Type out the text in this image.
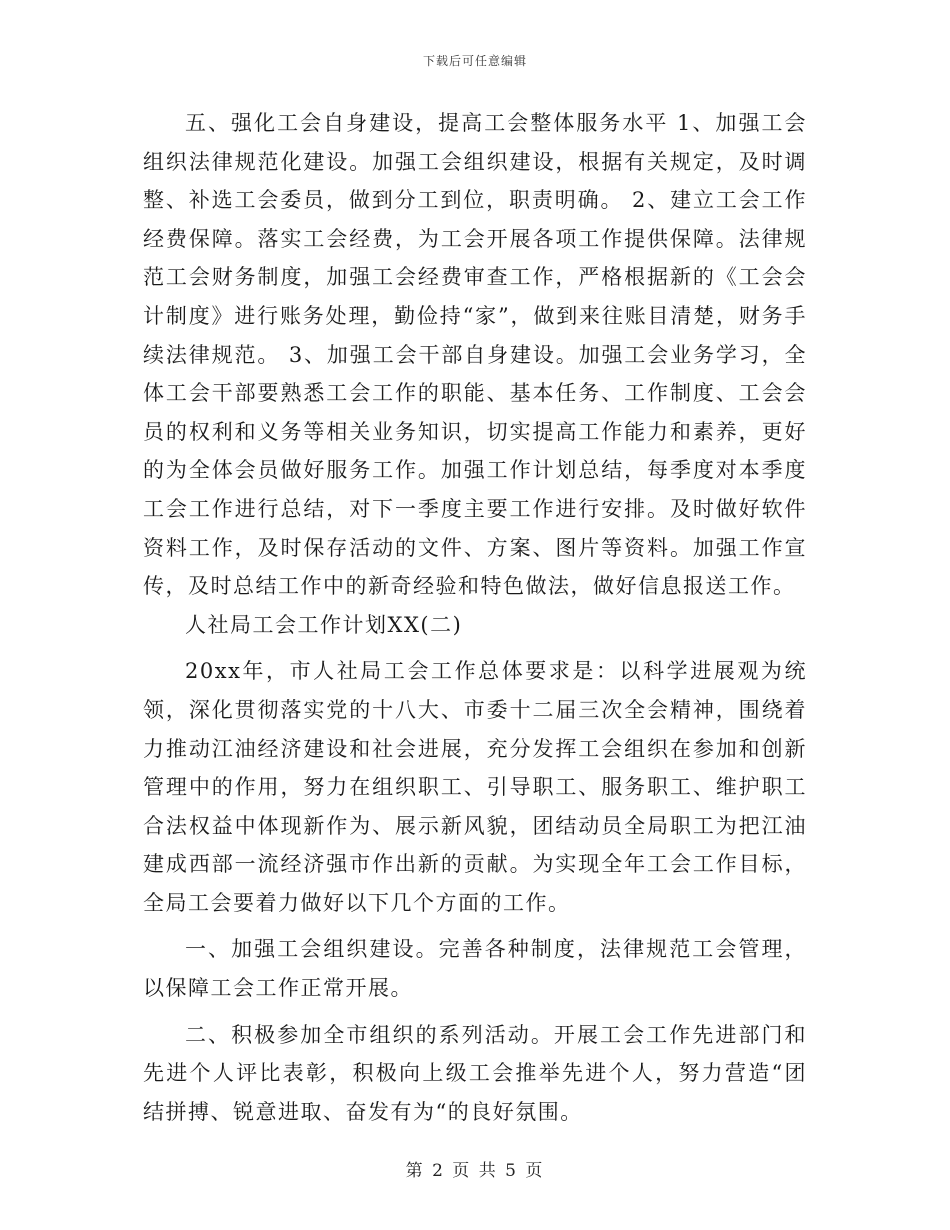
下载后可任意编辑

五、强化工会自身建设，提高工会整体服务水平 1、加强工会组织法律规范化建设。加强工会组织建设，根据有关规定，及时调整、补选工会委员，做到分工到位，职责明确。 2、建立工会工作经费保障。落实工会经费，为工会开展各项工作提供保障。法律规范工会财务制度，加强工会经费审查工作，严格根据新的《工会会计制度》进行账务处理，勤俭持“家”，做到来往账目清楚，财务手续法律规范。 3、加强工会干部自身建设。加强工会业务学习，全体工会干部要熟悉工会工作的职能、基本任务、工作制度、工会会员的权利和义务等相关业务知识，切实提高工作能力和素养，更好的为全体会员做好服务工作。加强工作计划总结，每季度对本季度工会工作进行总结，对下一季度主要工作进行安排。及时做好软件资料工作，及时保存活动的文件、方案、图片等资料。加强工作宣传，及时总结工作中的新奇经验和特色做法，做好信息报送工作。

人社局工会工作计划XX(二)

20xx年，市人社局工会工作总体要求是：以科学进展观为统领，深化贯彻落实党的十八大、市委十二届三次全会精神，围绕着力推动江油经济建设和社会进展，充分发挥工会组织在参加和创新管理中的作用，努力在组织职工、引导职工、服务职工、维护职工合法权益中体现新作为、展示新风貌，团结动员全局职工为把江油建成西部一流经济强市作出新的贡献。为实现全年工会工作目标，全局工会要着力做好以下几个方面的工作。

一、加强工会组织建设。完善各种制度，法律规范工会管理，以保障工会工作正常开展。

二、积极参加全市组织的系列活动。开展工会工作先进部门和先进个人评比表彰，积极向上级工会推举先进个人，努力营造“团结拼搏、锐意进取、奋发有为“的良好氛围。

第 2 页 共 5 页
